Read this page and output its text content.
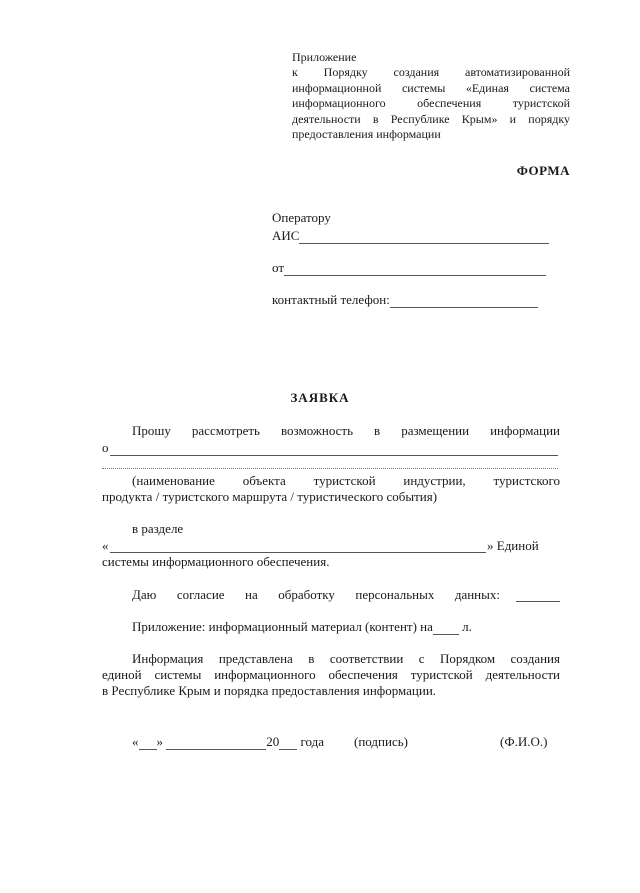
Приложение
к Порядку создания автоматизированной
информационной системы «Единая система
информационного обеспечения туристской
деятельности в Республике Крым» и порядку
предоставления информации
ФОРМА
Оператору
АИС
от
контактный телефон:
ЗАЯВКА
Прошу рассмотреть возможность в размещении информации
о
(наименование объекта туристской индустрии, туристского
продукта / туристского маршрута / туристического события)
в разделе
«	» Единой
системы информационного обеспечения.
Даю согласие на обработку персональных данных:
Приложение: информационный материал (контент) на л.
Информация представлена в соответствии с Порядком создания
единой системы информационного обеспечения туристской деятельности
в Республике Крым и порядка предоставления информации.
« »	20 года (подпись)	(Ф.И.О.)
